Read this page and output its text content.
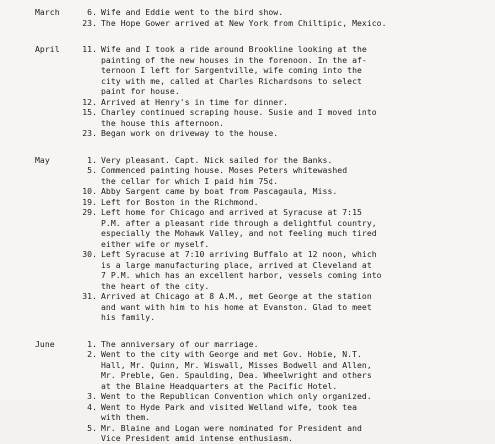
March	6. Wife and Eddie went to the bird show.
23. The Hope Gower arrived at New York from Chiltipic, Mexico.
April	11. Wife and I took a ride around Brookline looking at the
painting of the new houses in the forenoon. In the af-
ternoon I left for Sargentville, wife coming into the
city with me, called at Charles Richardsons to select
paint for house.
12. Arrived at Henry's in time for dinner.
15. Charley continued scraping house. Susie and I moved into
the house this afternoon.
23. Began work on driveway to the house.
May	1. Very pleasant. Capt. Nick sailed for the Banks.
5. Commenced painting house. Moses Peters whitewashed
the cellar for which I paid him 75¢.
10. Abby Sargent came by boat from Pascagaula, Miss.
19. Left for Boston in the Richmond.
29. Left home for Chicago and arrived at Syracuse at 7:15
P.M. after a pleasant ride through a delightful country,
especially the Mohawk Valley, and not feeling much tired
either wife or myself.
30. Left Syracuse at 7:10 arriving Buffalo at 12 noon, which
is a large manufacturing place, arrived at Cleveland at
7 P.M. which has an excellent harbor, vessels coming into
the heart of the city.
31. Arrived at Chicago at 8 A.M., met George at the station
and want with him to his home at Evanston. Glad to meet
his family.
June	1. The anniversary of our marriage.
2. Went to the city with George and met Gov. Hobie, N.T.
Hall, Mr. Quinn, Mr. Wiswall, Misses Bodwell and Allen,
Mr. Preble, Gen. Spaulding, Dea. Wheelwright and others
at the Blaine Headquarters at the Pacific Hotel.
3. Went to the Republican Convention which only organized.
4. Went to Hyde Park and visited Welland wife, took tea
with them.
5. Mr. Blaine and Logan were nominated for President and
Vice President amid intense enthusiasm.
